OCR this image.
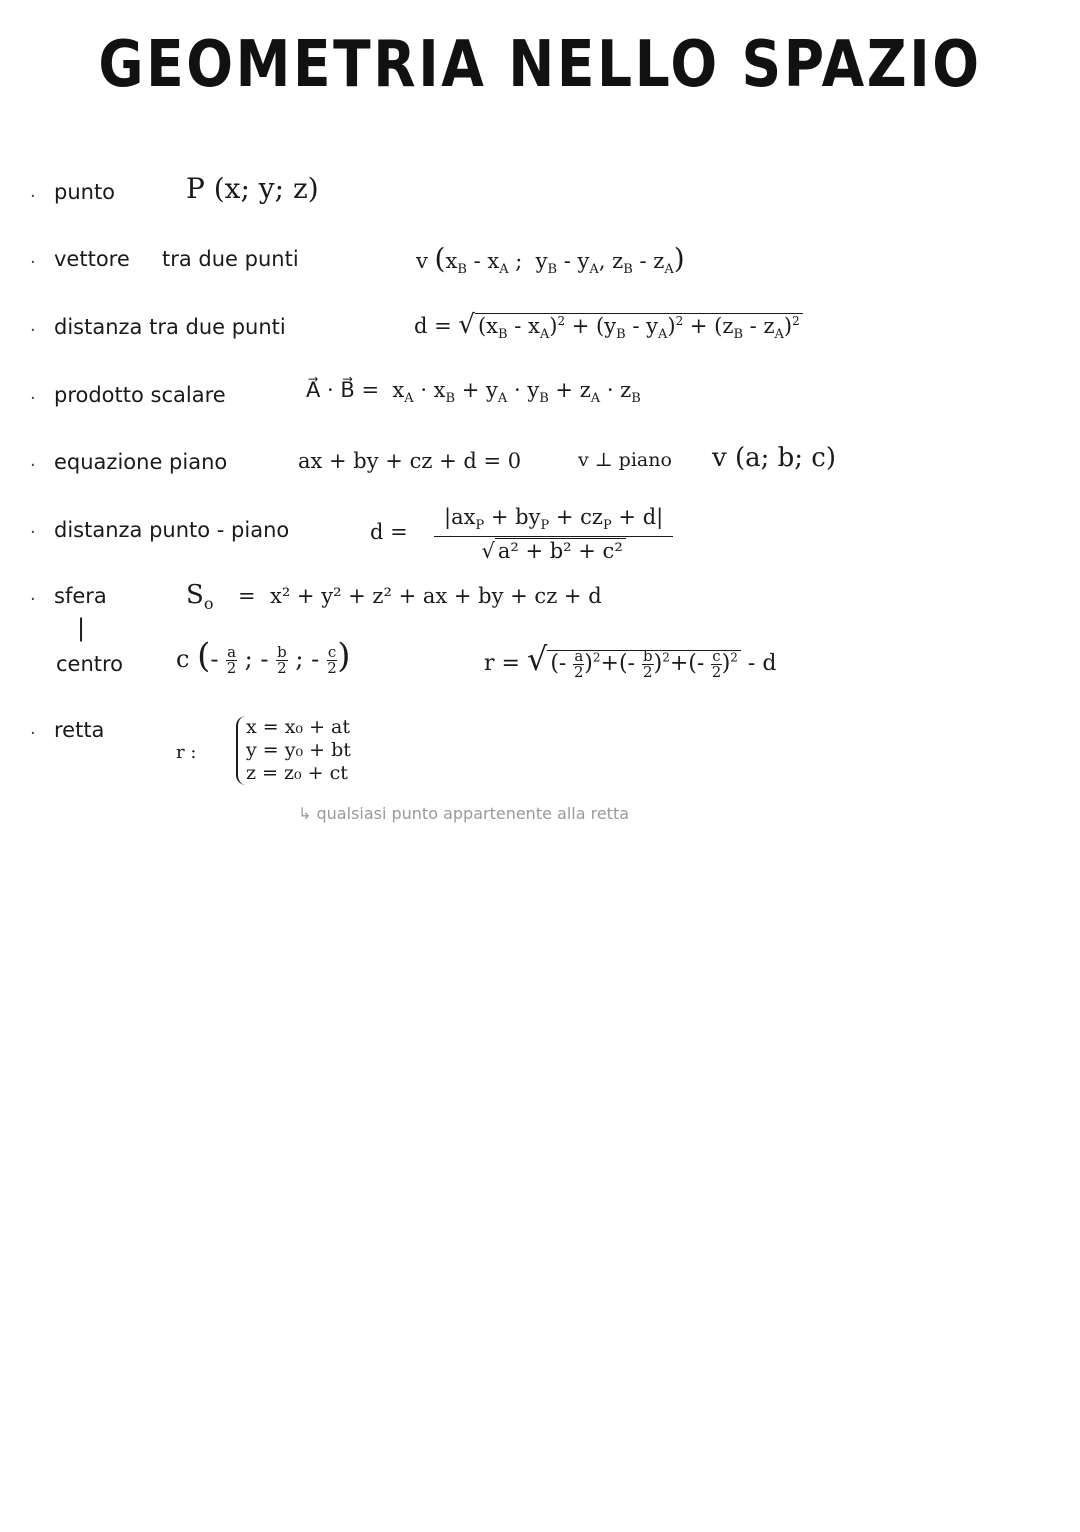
GEOMETRIA NELLO SPAZIO
·
·
·
·
·
·
·
·
punto	P (x; y; z)
vettore tra due punti	v ($x_B - x_A$ ;  $y_B - y_A$, $z_B - z_A$)
distanza tra due punti	d = √ $(x_B - x_A)^2 + (y_B - y_A)^2 + (z_B - z_A)^2$
prodotto scalare	A⃗ · B⃗ =  $x_A \cdot x_B + y_A \cdot y_B + z_A \cdot z_B$
equazione piano	ax + by + cz + d = 0	v ⊥ piano v (a; b; c)
distanza punto - piano	$d = \frac{|ax_P + by_P + cz_P + d|}{\text{√ a² + b² + c²}}$
sfera	$S_o = x^2 + y^2 + z^2$ + ax + by + cz + d
|
centro c (- $\frac{a}{2}$ ; - $\frac{b}{2}$ ; - $\frac{c}{2}$ )	r = √ (- $\frac{a}{2} )^2+(- \frac{b}{2} )^2+(- \frac{c}{2} )^2 - d$
retta
r :
x = x₀ + at
y = y₀ + bt
z = z₀ + ct
↳ qualsiasi punto appartenente alla retta
